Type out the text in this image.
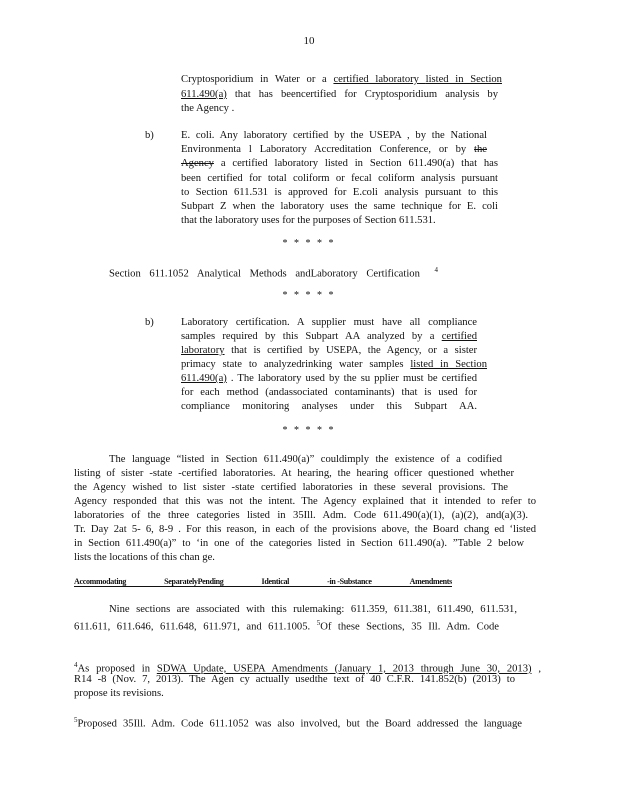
10
Cryptosporidium in Water or a certified laboratory listed in Section
611.490(a) that has beencertified for Cryptosporidium analysis by
the Agency .
b)	E. coli. Any laboratory certified by the USEPA , by the National
Environmenta l Laboratory Accreditation Conference, or by the
Agency a certified laboratory listed in Section 611.490(a) that has
been certified for total coliform or fecal coliform analysis pursuant
to Section 611.531 is approved for E.coli analysis pursuant to this
Subpart Z when the laboratory uses the same technique for E. coli
that the laboratory uses for the purposes of Section 611.531.
* * * * *
Section 611.1052 Analytical Methods andLaboratory Certification $^4$
* * * * *
b)	Laboratory certification. A supplier must have all compliance
samples required by this Subpart AA analyzed by a certified
laboratory that is certified by USEPA, the Agency, or a sister
primacy state to analyzedrinking water samples listed in Section
611.490(a) . The laboratory used by the su pplier must be certified
for each method (andassociated contaminants) that is used for
compliance monitoring analyses under this Subpart AA.
* * * * *
The language “listed in Section 611.490(a)” couldimply the existence of a codified
listing of sister -state -certified laboratories. At hearing, the hearing officer questioned whether
the Agency wished to list sister -state certified laboratories in these several provisions. The
Agency responded that this was not the intent. The Agency explained that it intended to refer to
laboratories of the three categories listed in 35Ill. Adm. Code 611.490(a)(1), (a)(2), and(a)(3).
Tr. Day 2at 5- 6, 8-9 . For this reason, in each of the provisions above, the Board chang ed ‘listed
in Section 611.490(a)” to ‘in one of the categories listed in Section 611.490(a). ”Table 2 below
lists the locations of this chan ge.
Accommodating	SeparatelyPending	Identical	-in -Substance	Amendments
Nine sections are associated with this rulemaking: 611.359, 611.381, 611.490, 611.531,
611.611, 611.646, 611.648, 611.971, and 611.1005. $^5$Of these Sections, 35 Ill. Adm. Code
$^4$As proposed in SDWA Update, USEPA Amendments (January 1, 2013 through June 30, 2013) ,
R14 -8 (Nov. 7, 2013). The Agen cy actually usedthe text of 40 C.F.R. 141.852(b) (2013) to
propose its revisions.
$^5$Proposed 35Ill. Adm. Code 611.1052 was also involved, but the Board addressed the language
